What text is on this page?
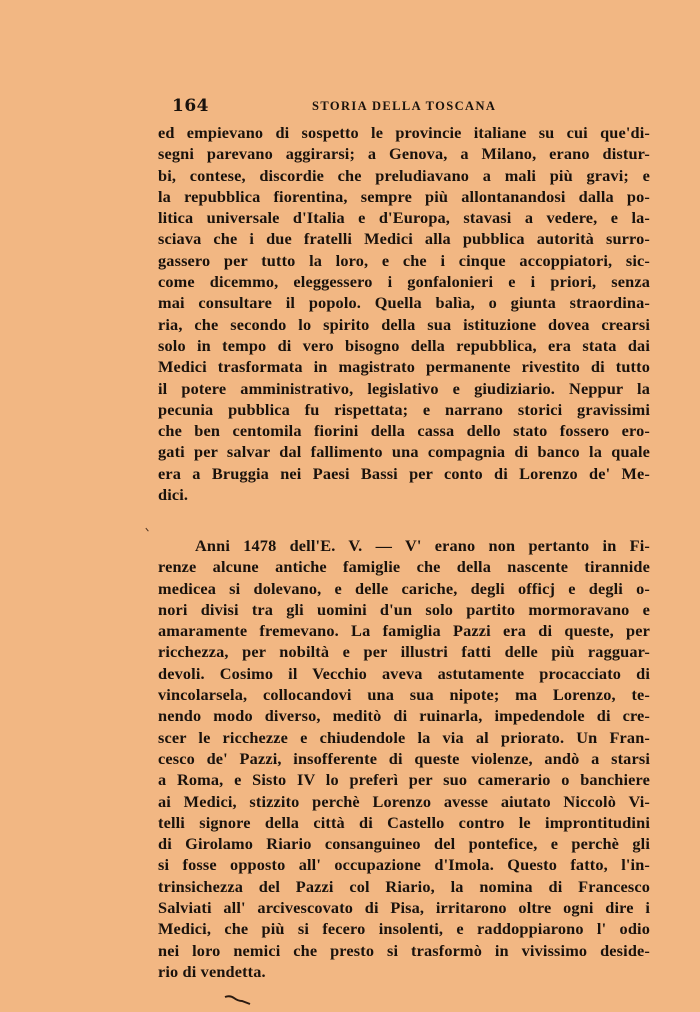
164	STORIA DELLA TOSCANA
ed empievano di sospetto le provincie italiane su cui que'di-
segni parevano aggirarsi; a Genova, a Milano, erano distur-
bi, contese, discordie che preludiavano a mali più gravi; e
la repubblica fiorentina, sempre più allontanandosi dalla po-
litica universale d'Italia e d'Europa, stavasi a vedere, e la-
sciava che i due fratelli Medici alla pubblica autorità surro-
gassero per tutto la loro, e che i cinque accoppiatori, sic-
come dicemmo, eleggessero i gonfalonieri e i priori, senza
mai consultare il popolo. Quella balìa, o giunta straordina-
ria, che secondo lo spirito della sua istituzione dovea crearsi
solo in tempo di vero bisogno della repubblica, era stata dai
Medici trasformata in magistrato permanente rivestito di tutto
il potere amministrativo, legislativo e giudiziario. Neppur la
pecunia pubblica fu rispettata; e narrano storici gravissimi
che ben centomila fiorini della cassa dello stato fossero ero-
gati per salvar dal fallimento una compagnia di banco la quale
era a Bruggia nei Paesi Bassi per conto di Lorenzo de' Me-
dici.
Anni 1478 dell'E. V. — V' erano non pertanto in Fi-
renze alcune antiche famiglie che della nascente tirannide
medicea si dolevano, e delle cariche, degli officj e degli o-
nori divisi tra gli uomini d'un solo partito mormoravano e
amaramente fremevano. La famiglia Pazzi era di queste, per
ricchezza, per nobiltà e per illustri fatti delle più ragguar-
devoli. Cosimo il Vecchio aveva astutamente procacciato di
vincolarsela, collocandovi una sua nipote; ma Lorenzo, te-
nendo modo diverso, meditò di ruinarla, impedendole di cre-
scer le ricchezze e chiudendole la via al priorato. Un Fran-
cesco de' Pazzi, insofferente di queste violenze, andò a starsi
a Roma, e Sisto IV lo preferì per suo camerario o banchiere
ai Medici, stizzito perchè Lorenzo avesse aiutato Niccolò Vi-
telli signore della città di Castello contro le improntitudini
di Girolamo Riario consanguineo del pontefice, e perchè gli
si fosse opposto all' occupazione d'Imola. Questo fatto, l'in-
trinsichezza del Pazzi col Riario, la nomina di Francesco
Salviati all' arcivescovato di Pisa, irritarono oltre ogni dire i
Medici, che più si fecero insolenti, e raddoppiarono l' odio
nei loro nemici che presto si trasformò in vivissimo deside-
rio di vendetta.
